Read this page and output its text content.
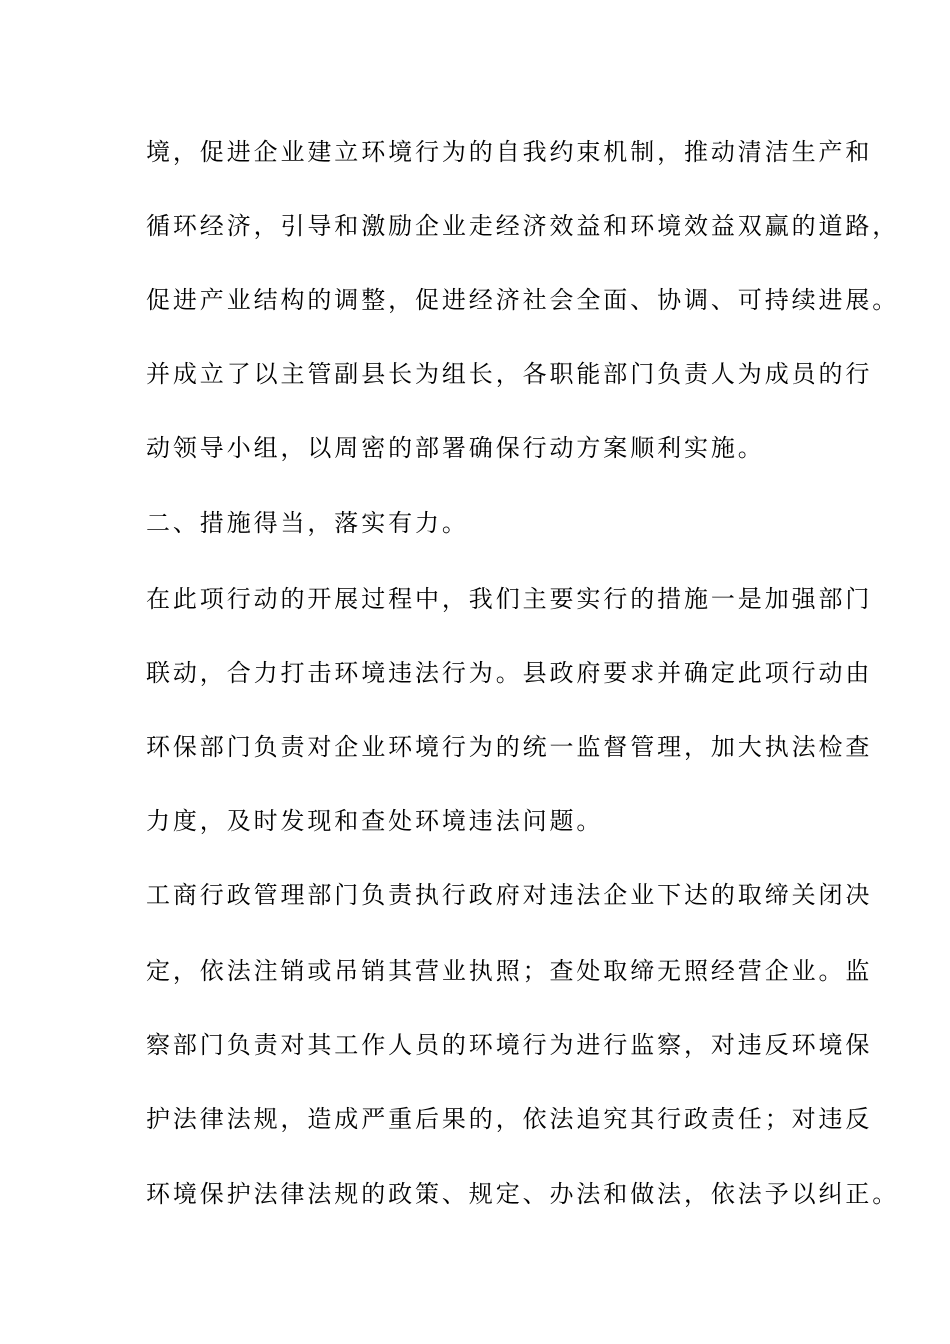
境，促进企业建立环境行为的自我约束机制，推动清洁生产和
循环经济，引导和激励企业走经济效益和环境效益双赢的道路，
促进产业结构的调整，促进经济社会全面、协调、可持续进展。
并成立了以主管副县长为组长，各职能部门负责人为成员的行
动领导小组，以周密的部署确保行动方案顺利实施。
二、措施得当，落实有力。
在此项行动的开展过程中，我们主要实行的措施一是加强部门
联动，合力打击环境违法行为。县政府要求并确定此项行动由
环保部门负责对企业环境行为的统一监督管理，加大执法检查
力度，及时发现和查处环境违法问题。
工商行政管理部门负责执行政府对违法企业下达的取缔关闭决
定，依法注销或吊销其营业执照；查处取缔无照经营企业。监
察部门负责对其工作人员的环境行为进行监察，对违反环境保
护法律法规，造成严重后果的，依法追究其行政责任；对违反
环境保护法律法规的政策、规定、办法和做法，依法予以纠正。
